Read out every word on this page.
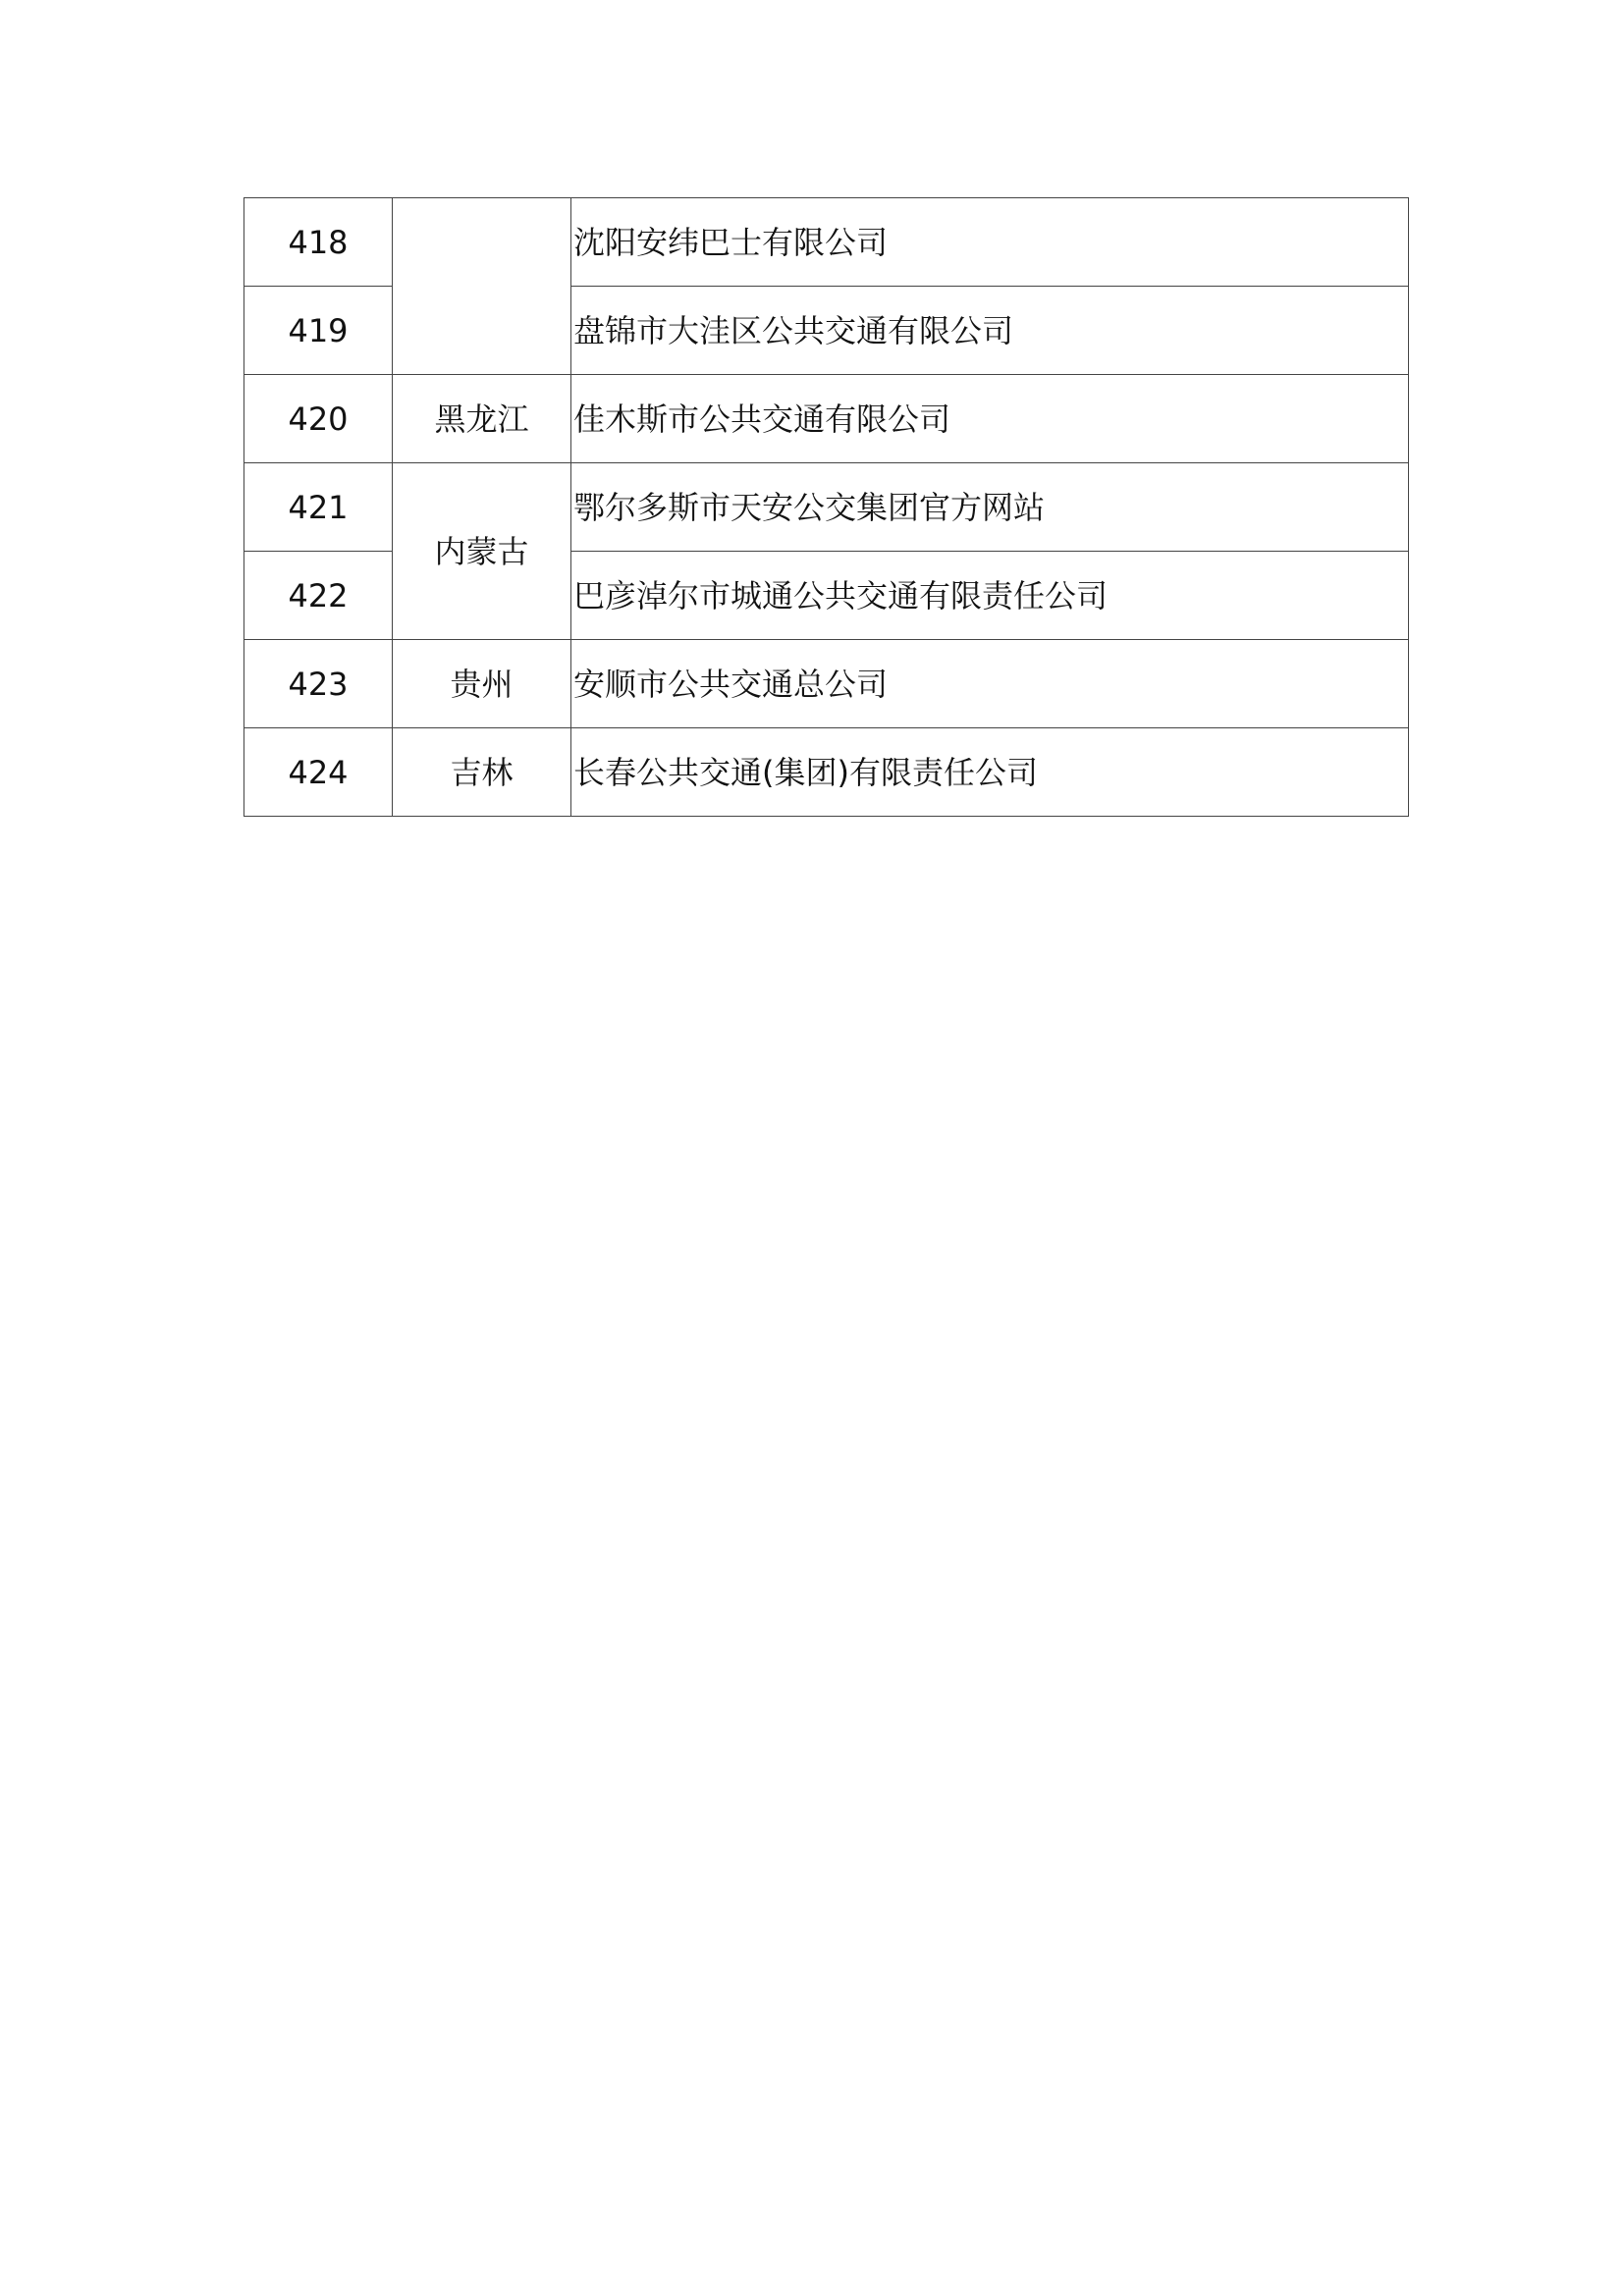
418		沈阳安纬巴士有限公司
419		盘锦市大洼区公共交通有限公司
420	黑龙江	佳木斯市公共交通有限公司
421	内蒙古	鄂尔多斯市天安公交集团官方网站
422		巴彦淖尔市城通公共交通有限责任公司
423	贵州	安顺市公共交通总公司
424	吉林	长春公共交通(集团)有限责任公司
